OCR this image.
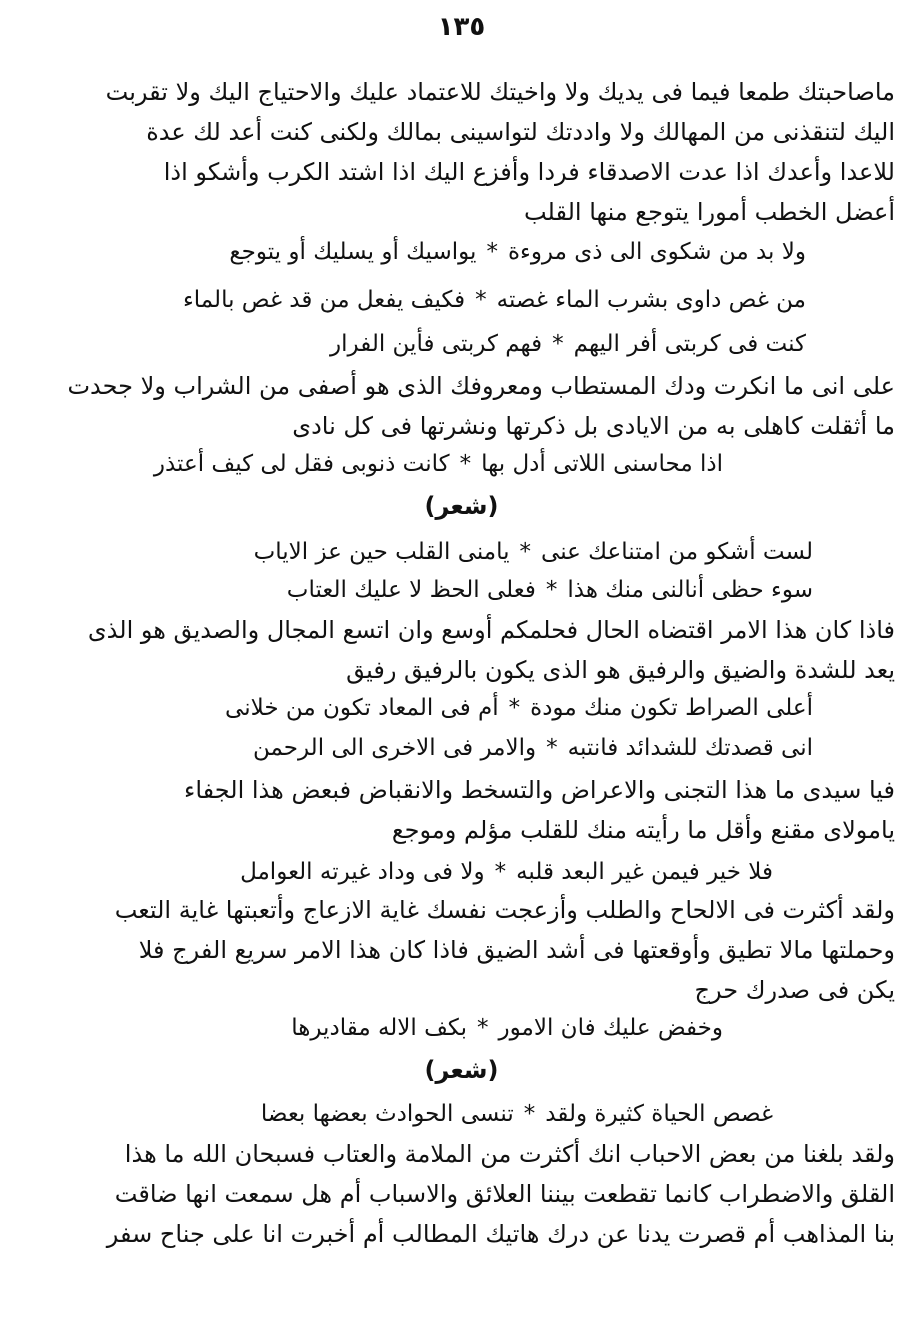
١٣٥
ماصاحبتك طمعا فيما فى يديك ولا واخيتك للاعتماد عليك والاحتياج اليك ولا تقربت
اليك لتنقذنى من المهالك ولا واددتك لتواسينى بمالك ولكنى كنت أعد لك عدة
للاعدا وأعدك اذا عدت الاصدقاء فردا وأفزع اليك اذا اشتد الكرب وأشكو اذا
أعضل الخطب أمورا يتوجع منها القلب
ولا بد من شكوى الى ذى مروءة*يواسيك أو يسليك أو يتوجع
من غص داوى بشرب الماء غصته*فكيف يفعل من قد غص بالماء
كنت فى كربتى أفر اليهم*فهم كربتى فأين الفرار
على انى ما انكرت ودك المستطاب ومعروفك الذى هو أصفى من الشراب ولا جحدت
ما أثقلت كاهلى به من الايادى بل ذكرتها ونشرتها فى كل نادى
اذا محاسنى اللاتى أدل بها*كانت ذنوبى فقل لى كيف أعتذر
(شعر)
لست أشكو من امتناعك عنى*يامنى القلب حين عز الاياب
سوء حظى أنالنى منك هذا*فعلى الحظ لا عليك العتاب
فاذا كان هذا الامر اقتضاه الحال فحلمكم أوسع وان اتسع المجال والصديق هو الذى
يعد للشدة والضيق والرفيق هو الذى يكون بالرفيق رفيق
أعلى الصراط تكون منك مودة*أم فى المعاد تكون من خلانى
انى قصدتك للشدائد فانتبه*والامر فى الاخرى الى الرحمن
فيا سيدى ما هذا التجنى والاعراض والتسخط والانقباض فبعض هذا الجفاء
يامولاى مقنع وأقل ما رأيته منك للقلب مؤلم وموجع
فلا خير فيمن غير البعد قلبه*ولا فى وداد غيرته العوامل
ولقد أكثرت فى الالحاح والطلب وأزعجت نفسك غاية الازعاج وأتعبتها غاية التعب
وحملتها مالا تطيق وأوقعتها فى أشد الضيق فاذا كان هذا الامر سريع الفرج فلا
يكن فى صدرك حرج
وخفض عليك فان الامور*بكف الاله مقاديرها
(شعر)
غصص الحياة كثيرة ولقد*تنسى الحوادث بعضها بعضا
ولقد بلغنا من بعض الاحباب انك أكثرت من الملامة والعتاب فسبحان الله ما هذا
القلق والاضطراب كانما تقطعت بيننا العلائق والاسباب أم هل سمعت انها ضاقت
بنا المذاهب أم قصرت يدنا عن درك هاتيك المطالب أم أخبرت انا على جناح سفر
